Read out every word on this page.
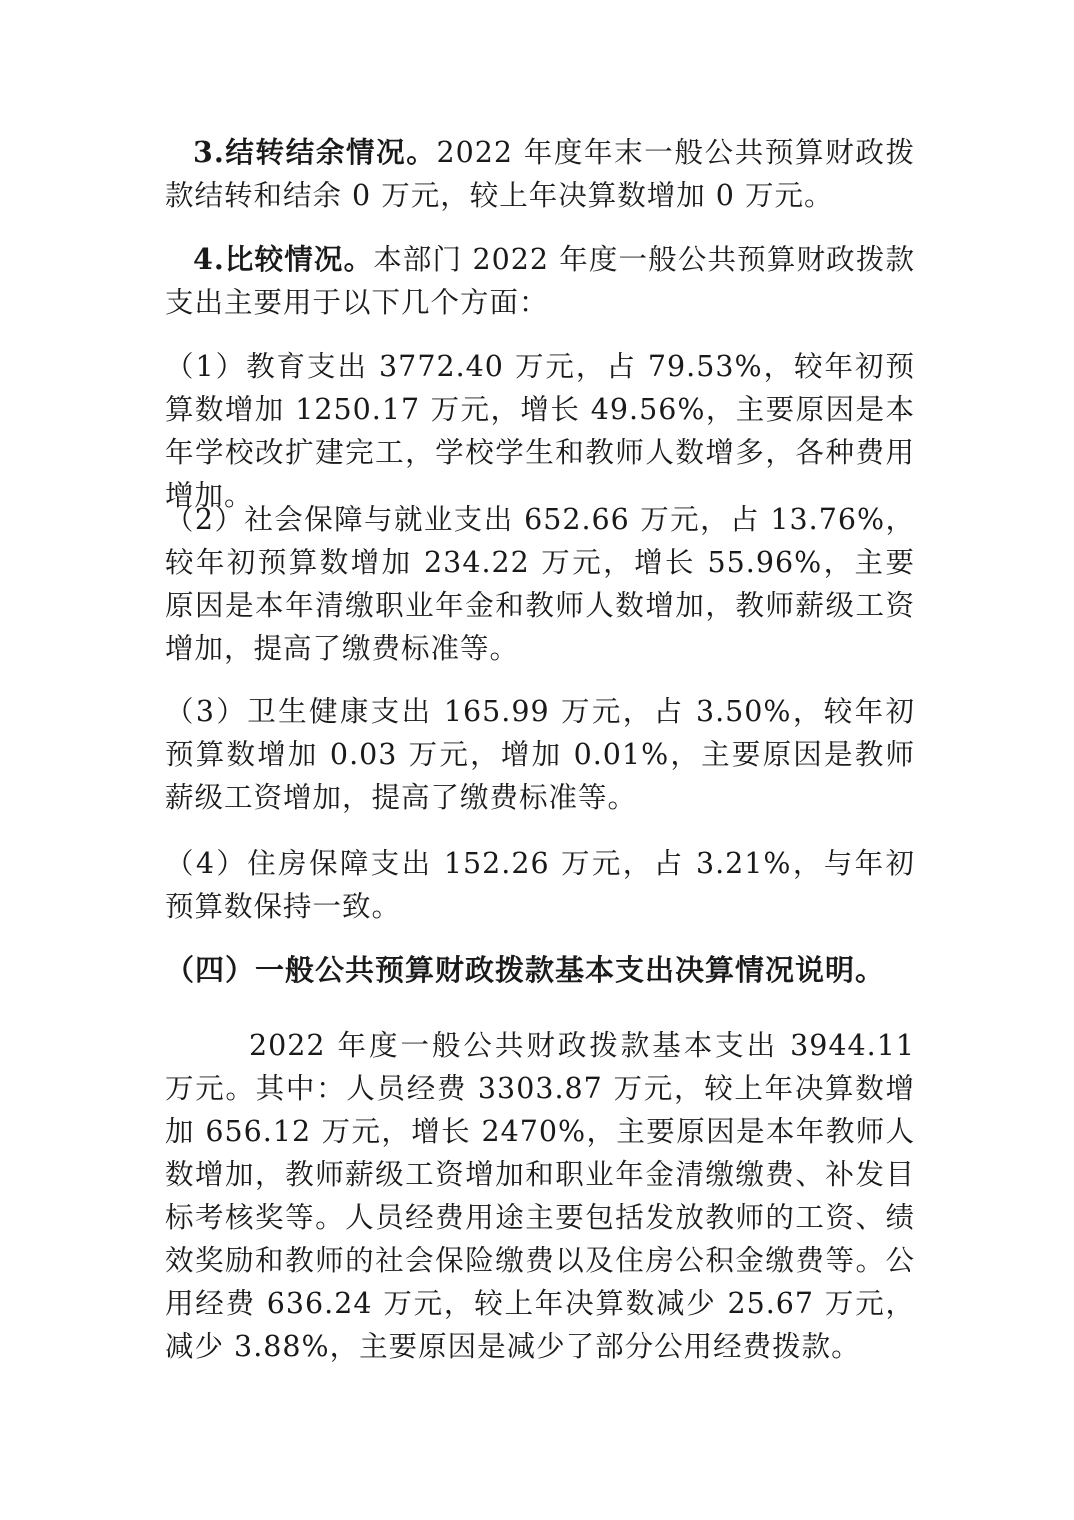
3.结转结余情况。2022 年度年末一般公共预算财政拨款结转和结余 0 万元，较上年决算数增加 0 万元。

4.比较情况。本部门 2022 年度一般公共预算财政拨款支出主要用于以下几个方面：

（1）教育支出 3772.40 万元，占 79.53%，较年初预算数增加 1250.17 万元，增长 49.56%，主要原因是本年学校改扩建完工，学校学生和教师人数增多，各种费用增加。

（2）社会保障与就业支出 652.66 万元，占 13.76%，较年初预算数增加 234.22 万元，增长 55.96%，主要原因是本年清缴职业年金和教师人数增加，教师薪级工资增加，提高了缴费标准等。

（3）卫生健康支出 165.99 万元，占 3.50%，较年初预算数增加 0.03 万元，增加 0.01%，主要原因是教师薪级工资增加，提高了缴费标准等。

（4）住房保障支出 152.26 万元，占 3.21%，与年初预算数保持一致。

（四）一般公共预算财政拨款基本支出决算情况说明。

2022 年度一般公共财政拨款基本支出 3944.11 万元。其中：人员经费 3303.87 万元，较上年决算数增加 656.12 万元，增长 2470%，主要原因是本年教师人数增加，教师薪级工资增加和职业年金清缴缴费、补发目标考核奖等。人员经费用途主要包括发放教师的工资、绩效奖励和教师的社会保险缴费以及住房公积金缴费等。公用经费 636.24 万元，较上年决算数减少 25.67 万元，减少 3.88%，主要原因是减少了部分公用经费拨款。
